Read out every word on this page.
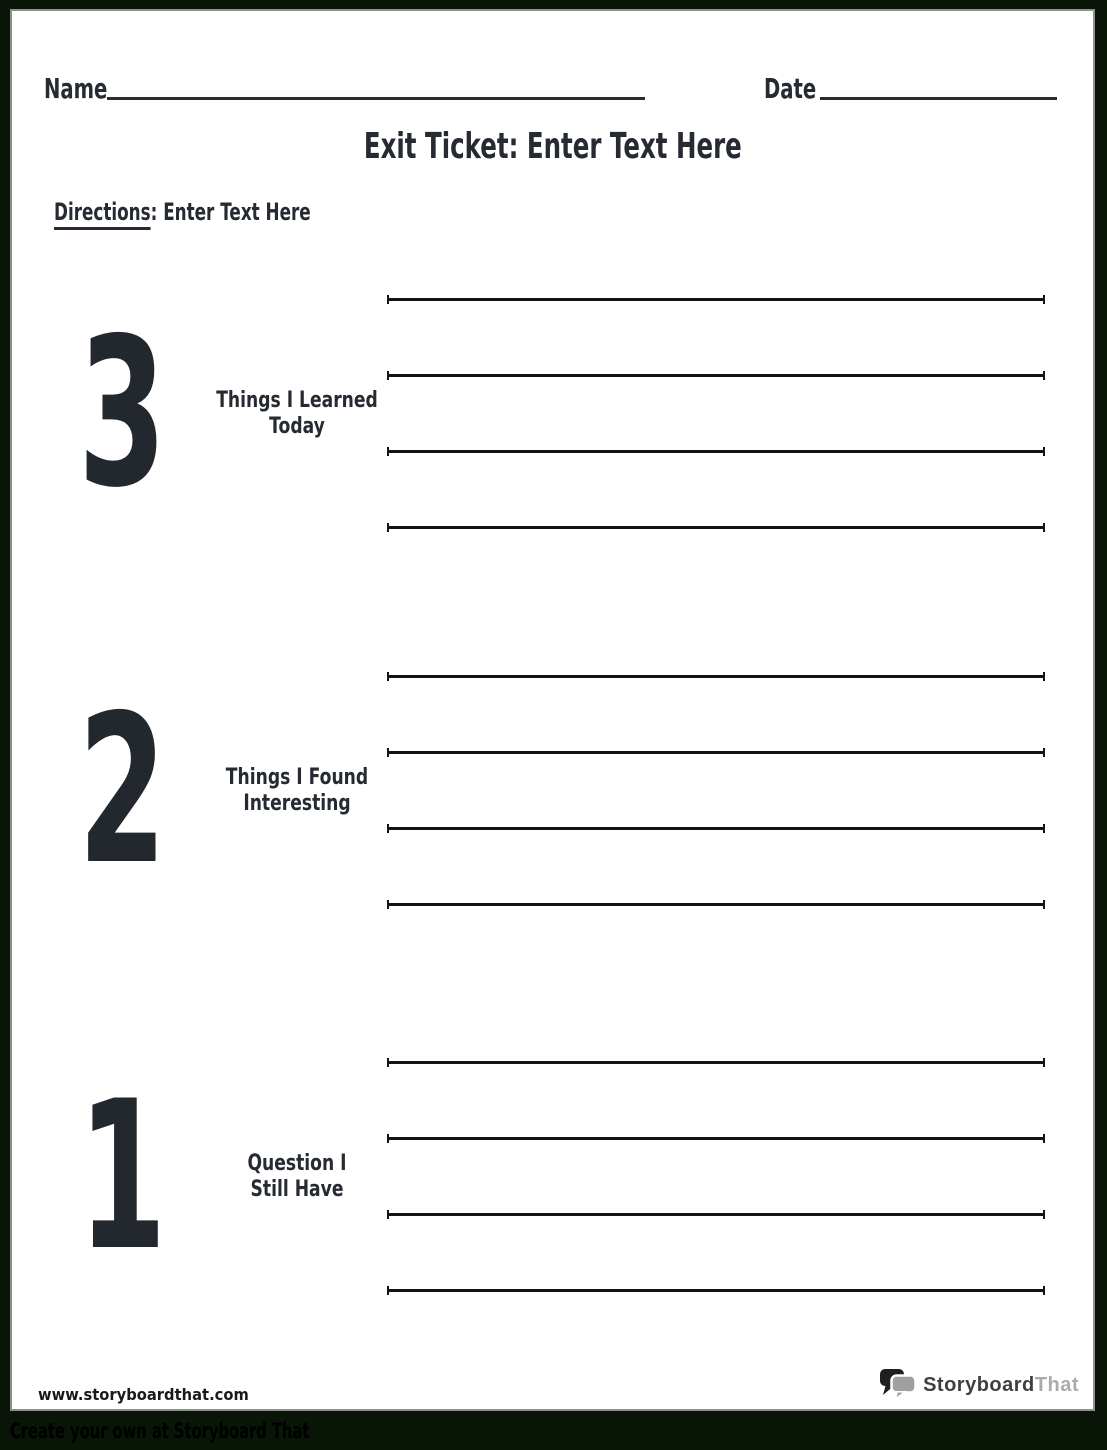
Create your own at Storyboard That
Name	Date
Exit Ticket: Enter Text Here
Directions: Enter Text Here
3	Things I Learned
Today
2	Things I Found
Interesting
1	Question I
Still Have
www.storyboardthat.com	StoryboardThat
